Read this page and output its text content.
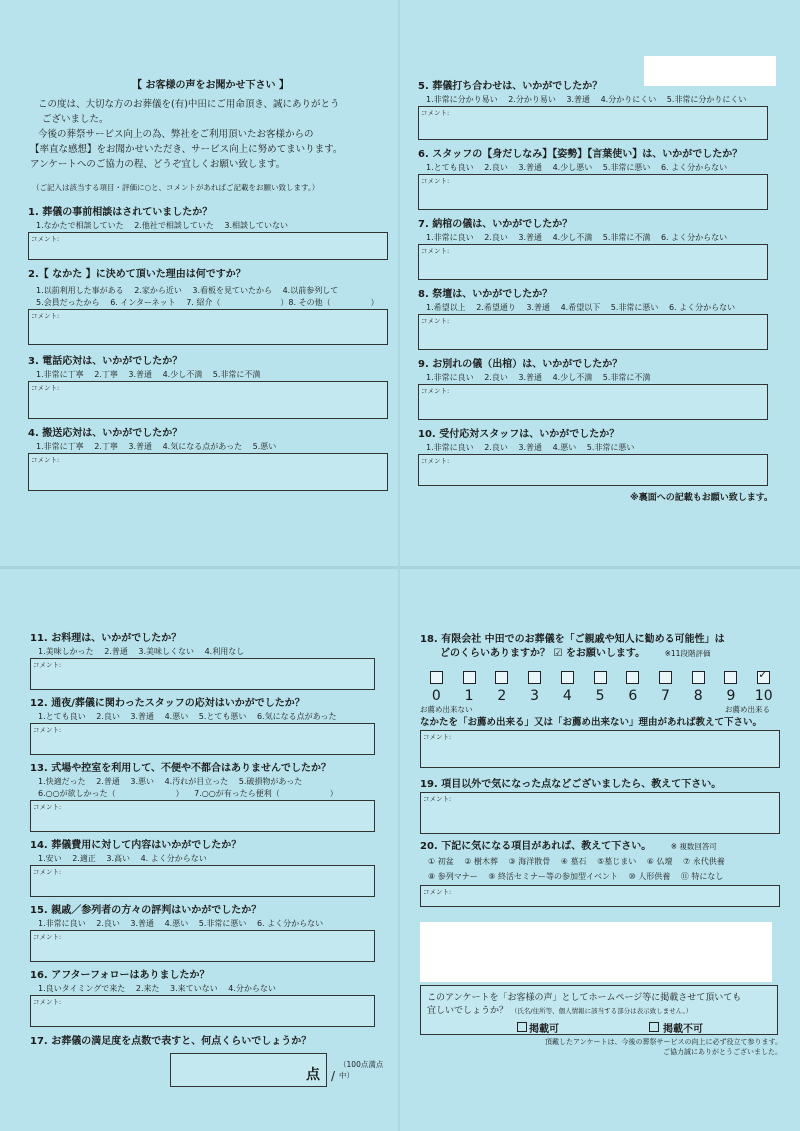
【 お客様の声をお聞かせ下さい 】
この度は、大切な方のお葬儀を(有)中田にご用命頂き、誠にありがとう
ございました。
今後の葬祭サービス向上の為、弊社をご利用頂いたお客様からの
【率直な感想】をお聞かせいただき、サービス向上に努めてまいります。
アンケートへのご協力の程、どうぞ宜しくお願い致します。
（ご記入は該当する項目・評価に○と、コメントがあればご記載をお願い致します。）
1. 葬儀の事前相談はされていましたか？
1.なかたで相談していた 2.他社で相談していた 3.相談していない
コメント:
2.【 なかた 】に決めて頂いた理由は何ですか？
1.以前利用した事がある 2.家から近い 3.看板を見ていたから 4.以前参列して
5.会員だったから 6. インターネット 7. 紹介（	）8. その他（	）
コメント:
3. 電話応対は、いかがでしたか？
1.非常に丁寧 2.丁寧 3.普通 4.少し不満 5.非常に不満
コメント:
4. 搬送応対は、いかがでしたか？
1.非常に丁寧 2.丁寧 3.普通 4.気になる点があった 5.悪い
コメント:
5. 葬儀打ち合わせは、いかがでしたか？
1.非常に分かり易い 2.分かり易い 3.普通 4.分かりにくい 5.非常に分かりにくい
コメント:
6. スタッフの【身だしなみ】【姿勢】【言葉使い】は、いかがでしたか？
1.とても良い 2.良い 3.普通 4.少し悪い 5.非常に悪い 6. よく分からない
コメント:
7. 納棺の儀は、いかがでしたか？
1.非常に良い 2.良い 3.普通 4.少し不満 5.非常に不満 6. よく分からない
コメント:
8. 祭壇は、いかがでしたか？
1.希望以上 2.希望通り 3.普通 4.希望以下 5.非常に悪い 6. よく分からない
コメント:
9. お別れの儀（出棺）は、いかがでしたか？
1.非常に良い 2.良い 3.普通 4.少し不満 5.非常に不満
コメント:
10. 受付応対スタッフは、いかがでしたか？
1.非常に良い 2.良い 3.普通 4.悪い 5.非常に悪い
コメント:
※裏面への記載もお願い致します。
11. お料理は、いかがでしたか？
1.美味しかった 2.普通 3.美味しくない 4.利用なし
コメント:
12. 通夜/葬儀に関わったスタッフの応対はいかがでしたか？
1.とても良い 2.良い 3.普通 4.悪い 5.とても悪い 6.気になる点があった
コメント:
13. 式場や控室を利用して、不便や不都合はありませんでしたか？
1.快適だった 2.普通 3.悪い 4.汚れが目立った 5.破損物があった
6.○○が欲しかった（	） 7.○○が有ったら便利（	）
コメント:
14. 葬儀費用に対して内容はいかがでしたか？
1.安い 2.適正 3.高い 4. よく分からない
コメント:
15. 親戚／参列者の方々の評判はいかがでしたか？
1.非常に良い 2.良い 3.普通 4.悪い 5.非常に悪い 6. よく分からない
コメント:
16. アフターフォローはありましたか？
1.良いタイミングで来た 2.来た 3.来ていない 4.分からない
コメント:
17. お葬儀の満足度を点数で表すと、何点くらいでしょうか？
点 /
（100点満点中）
18. 有限会社 中田でのお葬儀を「ご親戚や知人に勧める可能性」は
どのくらいありますか？ ☑ をお願いします。	※11段階評価
0	1	2	3	4	5	6	7	8	9
✓	10
お薦め出来ない	お薦め出来る
なかたを「お薦め出来る」又は「お薦め出来ない」理由があれば教えて下さい。
コメント:
19. 項目以外で気になった点などございましたら、教えて下さい。
コメント:
20. 下記に気になる項目があれば、教えて下さい。	※ 複数回答可
① 初盆 ② 樹木葬 ③ 海洋散骨 ④ 墓石 ⑤墓じまい ⑥ 仏壇 ⑦ 永代供養
⑧ 参列マナー ⑨ 終活セミナー等の参加型イベント ⑩ 人形供養 ⑪ 特になし
コメント:
このアンケートを「お客様の声」としてホームページ等に掲載させて頂いても
宜しいでしょうか？ （氏名/住所等、個人情報に該当する部分は表示致しません。）
掲載可	掲載不可
頂戴したアンケートは、今後の葬祭サービスの向上に必ず役立て参ります。
ご協力誠にありがとうございました。
